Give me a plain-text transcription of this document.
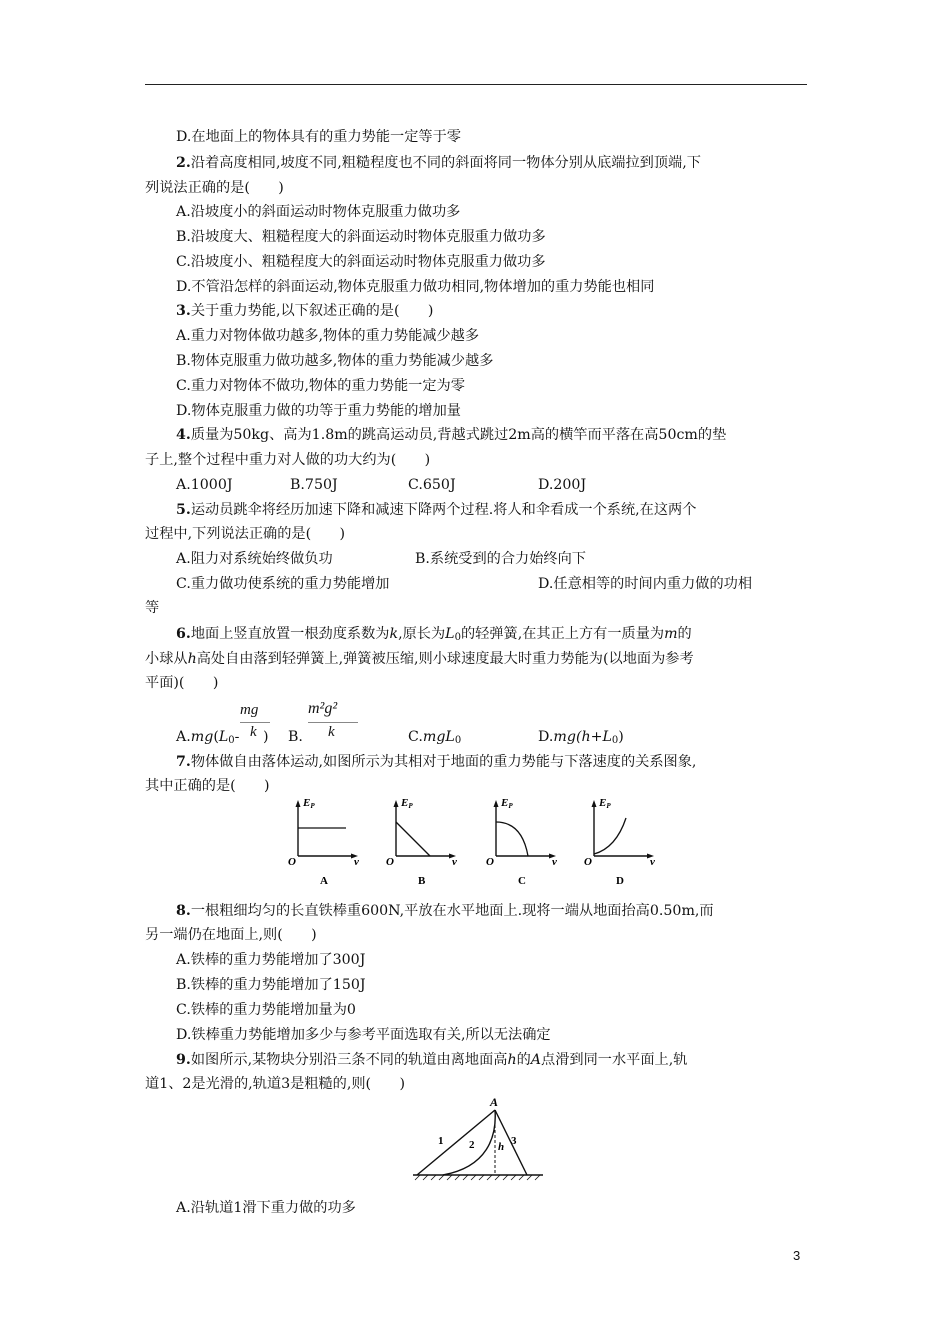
D.在地面上的物体具有的重力势能一定等于零
2.沿着高度相同,坡度不同,粗糙程度也不同的斜面将同一物体分别从底端拉到顶端,下
列说法正确的是(　　)
A.沿坡度小的斜面运动时物体克服重力做功多
B.沿坡度大、粗糙程度大的斜面运动时物体克服重力做功多
C.沿坡度小、粗糙程度大的斜面运动时物体克服重力做功多
D.不管沿怎样的斜面运动,物体克服重力做功相同,物体增加的重力势能也相同
3.关于重力势能,以下叙述正确的是(　　)
A.重力对物体做功越多,物体的重力势能减少越多
B.物体克服重力做功越多,物体的重力势能减少越多
C.重力对物体不做功,物体的重力势能一定为零
D.物体克服重力做的功等于重力势能的增加量
4.质量为50kg、高为1.8m的跳高运动员,背越式跳过2m高的横竿而平落在高50cm的垫
子上,整个过程中重力对人做的功大约为(　　)
A.1000J	B.750J	C.650J	D.200J
5.运动员跳伞将经历加速下降和减速下降两个过程.将人和伞看成一个系统,在这两个
过程中,下列说法正确的是(　　)
A.阻力对系统始终做负功	B.系统受到的合力始终向下
C.重力做功使系统的重力势能增加	D.任意相等的时间内重力做的功相
等
6.地面上竖直放置一根劲度系数为k,原长为$L_0$的轻弹簧,在其正上方有一质量为m的
小球从h高处自由落到轻弹簧上,弹簧被压缩,则小球速度最大时重力势能为(以地面为参考
平面)(　　)
mg
k
m²g²
k
$A.mg(L_0-$ ) B.	C.mgL$_0$	$D.mg(h+L_0)$
7.物体做自由落体运动,如图所示为其相对于地面的重力势能与下落速度的关系图象,
其中正确的是(　　)
EP
O	v
A
EP
O	v
B
EP
O	v
C
EP
O	v
D
8.一根粗细均匀的长直铁棒重600N,平放在水平地面上.现将一端从地面抬高0.50m,而
另一端仍在地面上,则(　　)
A.铁棒的重力势能增加了300J
B.铁棒的重力势能增加了150J
C.铁棒的重力势能增加量为0
D.铁棒重力势能增加多少与参考平面选取有关,所以无法确定
9.如图所示,某物块分别沿三条不同的轨道由离地面高h的A点滑到同一水平面上,轨
道1、2是光滑的,轨道3是粗糙的,则(　　)
A
1 2	3
h
A.沿轨道1滑下重力做的功多
3
